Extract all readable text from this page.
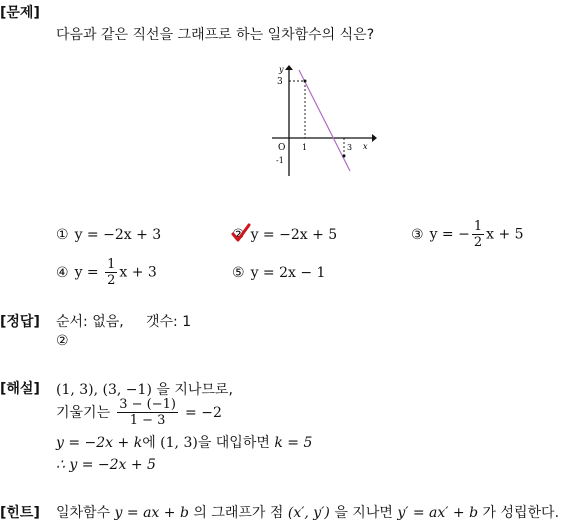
[문제]
다음과 같은 직선을 그래프로 하는 일차함수의 식은?
y
x
3
O 1	3
-1
① y = −2x + 3	② y = −2x + 5	③ y = − $\frac{1}{2}$ x + 5
④ $y = \frac{1}{2}$ x + 3	⑤ y = 2x − 1
[정답] 순서: 없음, 갯수: 1
②
[해설] (1, 3), (3, −1) 을 지나므로,
기울기는 $\frac{3 - (-1)}{1 - 3} = -2$
y = −2x + k에 (1, 3)을 대입하면 k = 5
∴ y = −2x + 5
[힌트] 일차함수 y = ax + b 의 그래프가 점 (x′, y′) 을 지나면 y′ = ax′ + b 가 성립한다.
